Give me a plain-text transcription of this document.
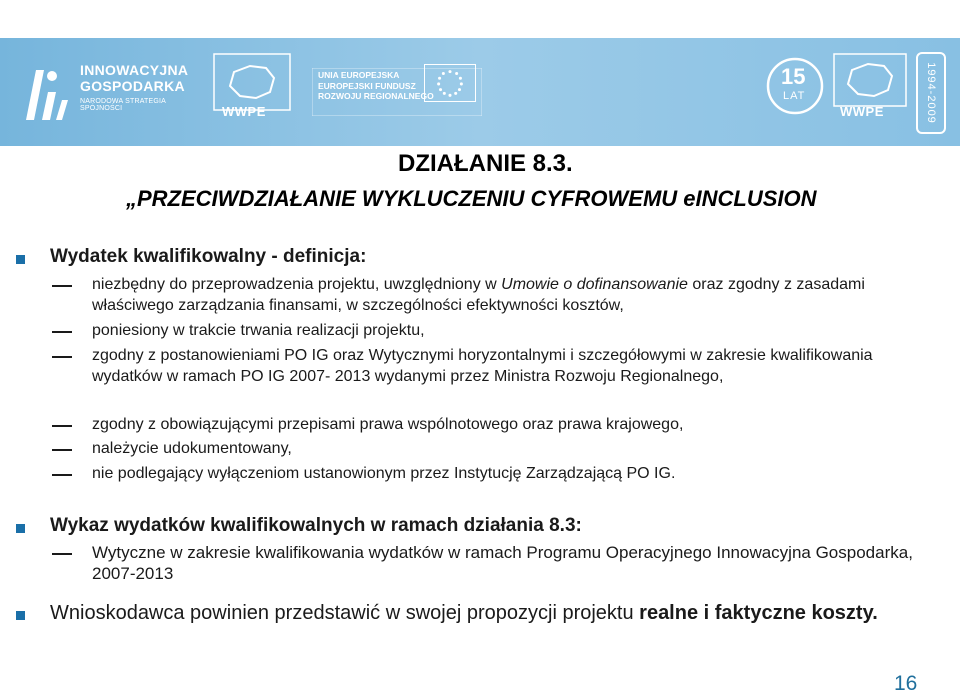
INNOWACYJNA
GOSPODARKA
NARODOWA STRATEGIA SPÓJNOŚCI	WWPE
UNIA EUROPEJSKA
EUROPEJSKI FUNDUSZ
ROZWOJU REGIONALNEGO
15
LAT
WWPE	1994-2009
DZIAŁANIE 8.3.
„PRZECIWDZIAŁANIE WYKLUCZENIU CYFROWEMU eINCLUSION
Wydatek kwalifikowalny - definicja:
niezbędny do przeprowadzenia projektu, uwzględniony w Umowie o dofinansowanie oraz zgodny z zasadami właściwego zarządzania finansami, w szczególności efektywności kosztów,
poniesiony w trakcie trwania realizacji projektu,
zgodny z postanowieniami PO IG oraz Wytycznymi horyzontalnymi i szczegółowymi w zakresie kwalifikowania wydatków w ramach PO IG 2007- 2013 wydanymi przez Ministra Rozwoju Regionalnego,
zgodny z obowiązującymi przepisami prawa wspólnotowego oraz prawa krajowego,
należycie udokumentowany,
nie podlegający wyłączeniom ustanowionym przez Instytucję Zarządzającą PO IG.
Wykaz wydatków kwalifikowalnych w ramach działania 8.3:
Wytyczne w zakresie kwalifikowania wydatków w ramach Programu Operacyjnego Innowacyjna Gospodarka, 2007-2013
Wnioskodawca powinien przedstawić w swojej propozycji projektu realne i faktyczne koszty.
16
